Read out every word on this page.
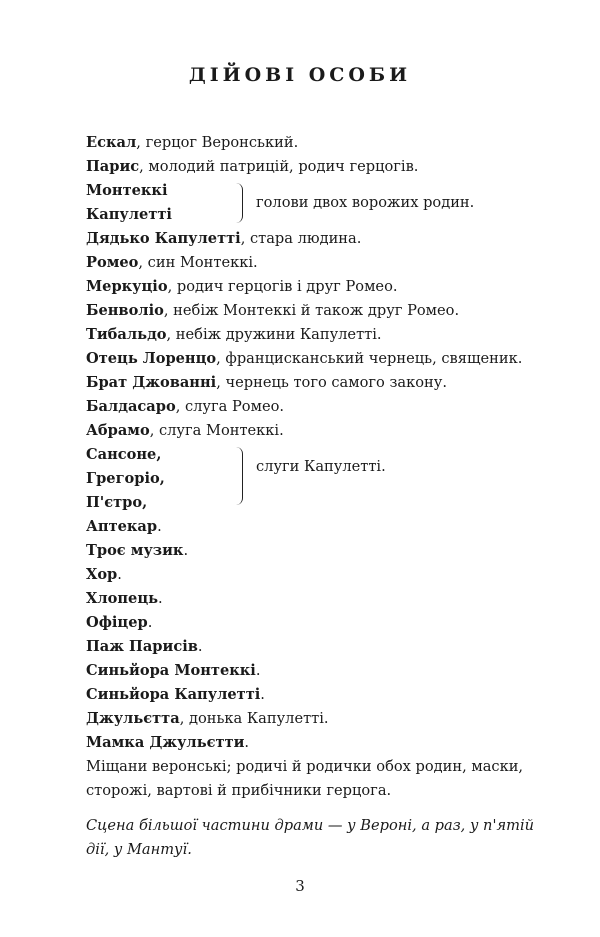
ДІЙОВІ ОСОБИ
Ескал, герцог Веронський.
Парис, молодий патрицій, родич герцогів.
Монтеккі
Капулетті
голови двох ворожих родин.
Дядько Капулетті, стара людина.
Ромео, син Монтеккі.
Меркуціо, родич герцогів і друг Ромео.
Бенволіо, небіж Монтеккі й також друг Ромео.
Тибальдо, небіж дружини Капулетті.
Отець Лоренцо, францисканський чернець, священик.
Брат Джованні, чернець того самого закону.
Балдасаро, слуга Ромео.
Абрамо, слуга Монтеккі.
Сансоне,
Грегоріо,
П'єтро,
слуги Капулетті.
Аптекар.
Троє музик.
Хор.
Хлопець.
Офіцер.
Паж Парисів.
Синьйора Монтеккі.
Синьйора Капулетті.
Джульєтта, донька Капулетті.
Мамка Джульєтти.
Міщани веронські; родичі й родички обох родин, маски, сторожі, вартові й прибічники герцога.
Сцена більшої частини драми — у Вероні, а раз, у п'ятій дії, у Мантуї.
3
